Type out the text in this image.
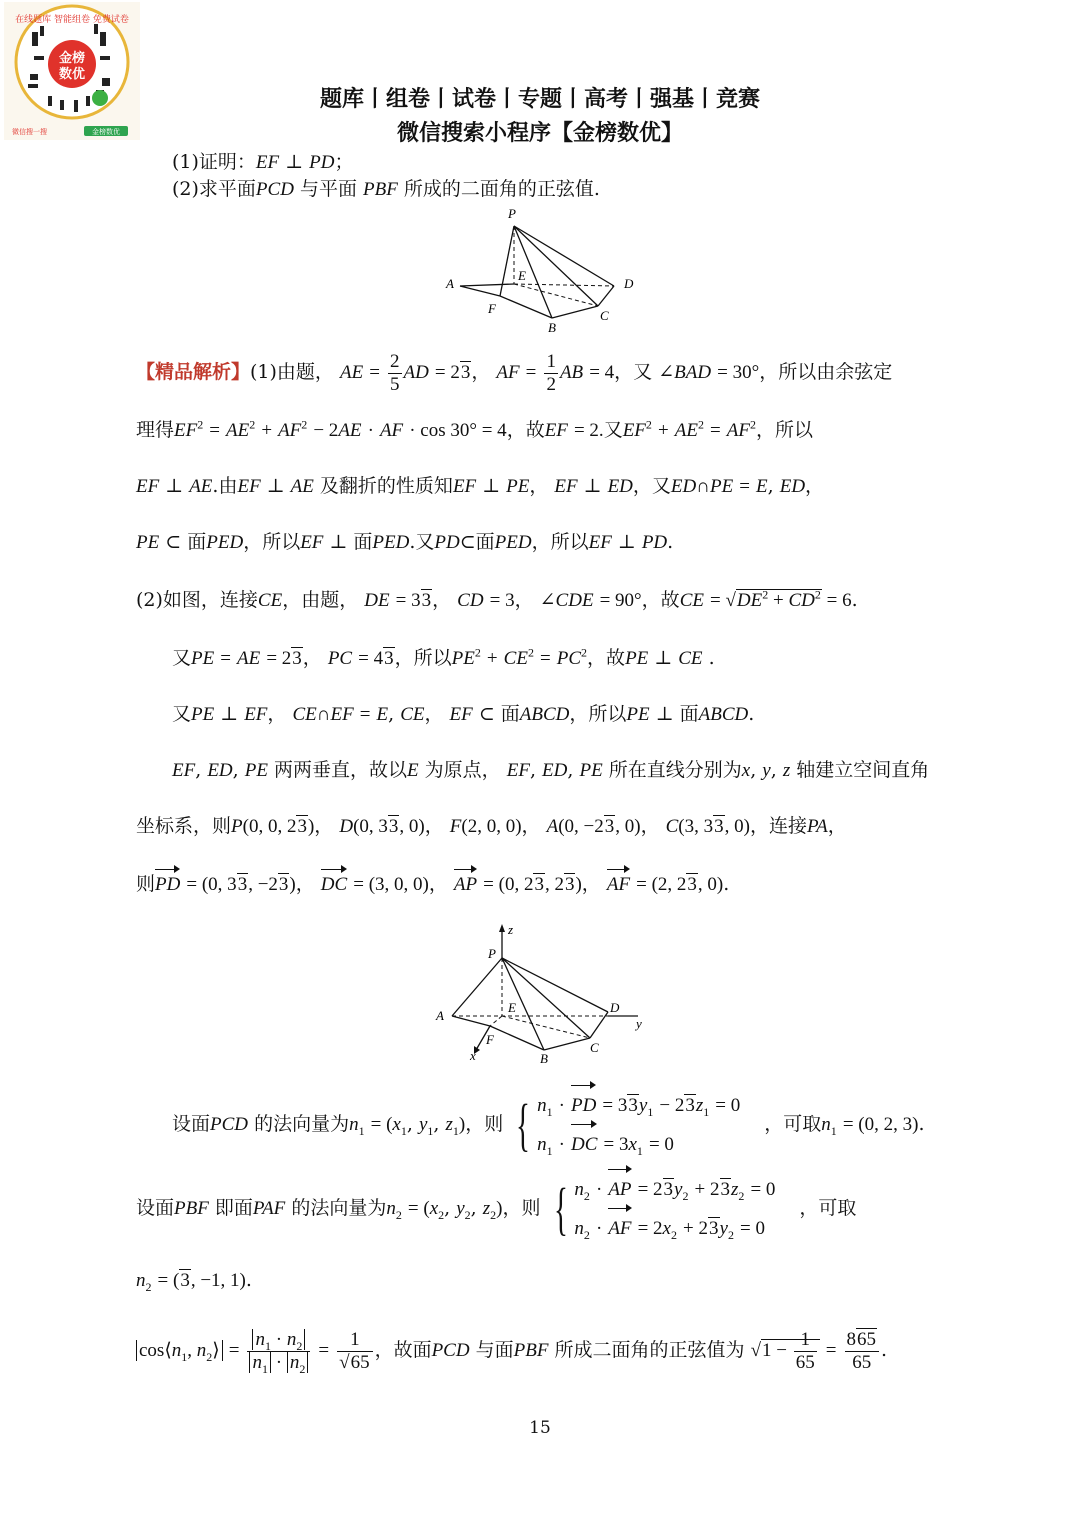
金榜
数优
在线题库 智能组卷 免费试卷
微信搜一搜	金榜数优
题库丨组卷丨试卷丨专题丨高考丨强基丨竞赛
微信搜索小程序【金榜数优】
(1)证明：EF ⊥ PD；
(2)求平面PCD 与平面 PBF 所成的二面角的正弦值.
P
A
E
D
F
B
C
【精品解析】(1)由题， AE = $\frac{2}{5}$ AD = 23， AF = $\frac{1}{2}$ AB = 4，又 ∠BAD = 30°，所以由余弦定
理得$EF^2 = AE^2 + AF^2 - 2AE$ · AF · cos 30° = 4，故EF = 2.又$EF^2 + AE^2 = AF^2$，所以
EF ⊥ AE.由EF ⊥ AE 及翻折的性质知EF ⊥ PE， EF ⊥ ED，又ED∩PE = E, ED，
PE ⊂ 面PED，所以EF ⊥ 面PED.又PD⊂面PED，所以EF ⊥ PD.
(2)如图，连接CE，由题， DE = 33， CD = 3， ∠CDE = 90°，故CE = $√DE^2 + CD^2 = 6$.
又PE = AE = 23， PC = 43，所以$PE^2 + CE^2 = PC^2$，故PE ⊥ CE .
又PE ⊥ EF， CE∩EF = E, CE， EF ⊂ 面ABCD，所以PE ⊥ 面ABCD.
EF, ED, PE 两两垂直，故以E 为原点， EF, ED, PE 所在直线分别为x, y, z 轴建立空间直角
坐标系，则P(0, 0, 23)， D(0, 33, 0)， F(2, 0, 0)， A(0, −23, 0)， C(3, 33, 0)，连接PA，
则PD = (0, 33, −23)， DC = (3, 0, 0)， AP = (0, 23, 23)， AF = (2, 23, 0).
z
P
A
E	D
y
F
x	B
C
设面PCD 的法向量为$n_1 = (x_1$, $y_1$, $z_1$)，则 { $n_1$ · PD = $33y_1 - 23z_1 = 0$
$n_1$ · DC = $3x_1 = 0$
，可取$n_1 = (0$, 2, 3).
设面PBF 即面PAF 的法向量为$n_2 = (x_2$, $y_2$, $z_2$)，则 { $n_2$ · AP = $23y_2 + 23z_2 = 0$
$n_2$ · AF = $2x_2 + 23y_2 = 0$
，可取
$n_2 = (3$, −1, 1).
$\cos⟨n_1$, $n_2⟩ = \frac{n_1 \cdot n_2}{n_1 \cdot n_2} = \frac{1}{√65}$ ，故面PCD 与面PBF 所成二面角的正弦值为 $√1 - \frac{1}{65} = \frac{865}{65}$ .
15
